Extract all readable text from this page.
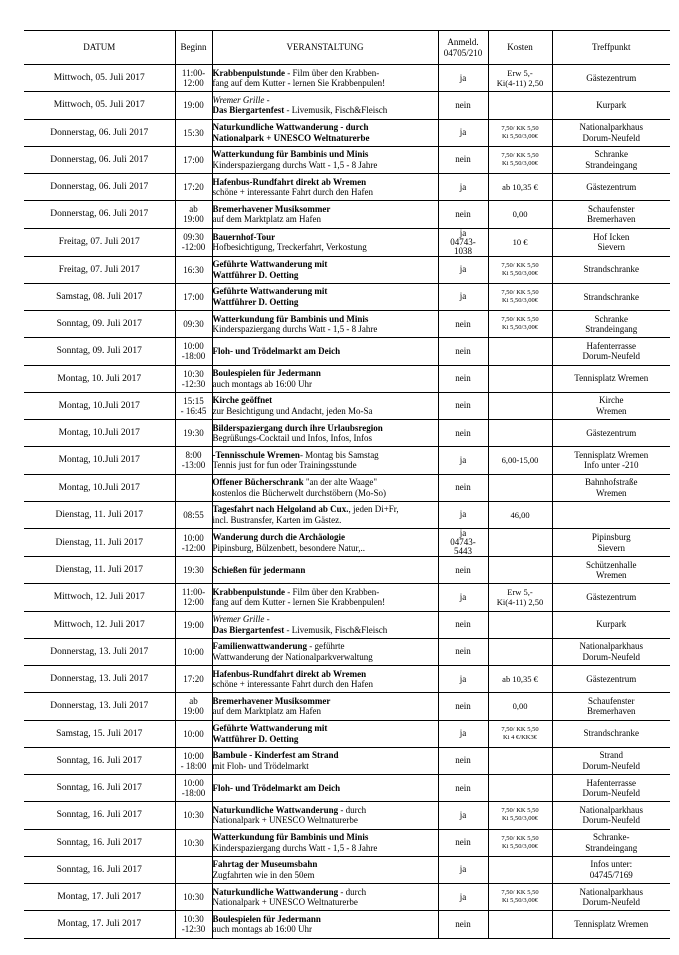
DATUM	Beginn	VERANSTALTUNG	Anmeld.
04705/210	Kosten	Treffpunkt
Mittwoch, 05. Juli 2017	11:00-
12:00	Krabbenpulstunde - Film über den Krabben-
fang auf dem Kutter - lernen Sie Krabbenpulen!	ja	Erw 5,-
Ki(4-11) 2,50	Gästezentrum

Mittwoch, 05. Juli 2017	19:00	Wremer Grille -
Das Biergartenfest - Livemusik, Fisch&Fleisch	nein		Kurpark

Donnerstag, 06. Juli 2017	15:30	Naturkundliche Wattwanderung - durch
Nationalpark + UNESCO Weltnaturerbe	ja	7,50/ KK 5,50
Ki 5,50/3,00€	Nationalparkhaus
Dorum-Neufeld

Donnerstag, 06. Juli 2017	17:00	Watterkundung für Bambinis und Minis
Kinderspaziergang durchs Watt - 1,5 - 8 Jahre	nein	7,50/ KK 5,50
Ki 5,50/3,00€	Schranke
Strandeingang

Donnerstag, 06. Juli 2017	17:20	Hafenbus-Rundfahrt direkt ab Wremen
schöne + interessante Fahrt durch den Hafen	ja	ab 10,35 €	Gästezentrum

Donnerstag, 06. Juli 2017	ab
19:00	Bremerhavener Musiksommer
auf dem Marktplatz am Hafen	nein	0,00	Schaufenster
Bremerhaven

Freitag, 07. Juli 2017	09:30
-12:00	Bauernhof-Tour
Hofbesichtigung, Treckerfahrt, Verkostung	ja
04743-
1038	10 €	Hof Icken
Sievern

Freitag, 07. Juli 2017	16:30	Geführte Wattwanderung mit
Wattführer D. Oetting	ja	7,50/ KK 5,50
Ki 5,50/3,00€	Strandschranke

Samstag, 08. Juli 2017	17:00	Geführte Wattwanderung mit
Wattführer D. Oetting	ja	7,50/ KK 5,50
Ki 5,50/3,00€	Strandschranke

Sonntag, 09. Juli 2017	09:30	Watterkundung für Bambinis und Minis
Kinderspaziergang durchs Watt - 1,5 - 8 Jahre	nein	7,50/ KK 5,50
Ki 5,50/3,00€	Schranke
Strandeingang

Sonntag, 09. Juli 2017	10:00
-18:00	Floh- und Trödelmarkt am Deich	nein		Hafenterrasse
Dorum-Neufeld

Montag, 10. Juli 2017	10:30
-12:30	Boulespielen für Jedermann
auch montags ab 16:00 Uhr	nein		Tennisplatz Wremen

Montag, 10.Juli 2017	15:15
- 16:45	Kirche geöffnet
zur Besichtigung und Andacht, jeden Mo-Sa	nein		Kirche
Wremen

Montag, 10.Juli 2017	19:30	Bilderspaziergang durch ihre Urlaubsregion
Begrüßungs-Cocktail und Infos, Infos, Infos	nein		Gästezentrum

Montag, 10.Juli 2017	8:00
-13:00	-Tennisschule Wremen- Montag bis Samstag
Tennis just for fun oder Trainingsstunde	ja	6,00-15,00	Tennisplatz Wremen
Info unter -210

Montag, 10.Juli 2017		Offener Bücherschrank "an der alte Waage"
kostenlos die Bücherwelt durchstöbern (Mo-So)	nein		Bahnhofstraße
Wremen

Dienstag, 11. Juli 2017	08:55	Tagesfahrt nach Helgoland ab Cux., jeden Di+Fr,
incl. Bustransfer, Karten im Gästez.	ja	46,00	

Dienstag, 11. Juli 2017	10:00
-12:00	Wanderung durch die Archäologie
Pipinsburg, Bülzenbett, besondere Natur,..	ja
04743-
5443		Pipinsburg
Sievern

Dienstag, 11. Juli 2017	19:30	Schießen für jedermann	nein		Schützenhalle
Wremen

Mittwoch, 12. Juli 2017	11:00-
12:00	Krabbenpulstunde - Film über den Krabben-
fang auf dem Kutter - lernen Sie Krabbenpulen!	ja	Erw 5,-
Ki(4-11) 2,50	Gästezentrum

Mittwoch, 12. Juli 2017	19:00	Wremer Grille -
Das Biergartenfest - Livemusik, Fisch&Fleisch	nein		Kurpark

Donnerstag, 13. Juli 2017	10:00	Familienwattwanderung - geführte
Wattwanderung der Nationalparkverwaltung	nein		Nationalparkhaus
Dorum-Neufeld

Donnerstag, 13. Juli 2017	17:20	Hafenbus-Rundfahrt direkt ab Wremen
schöne + interessante Fahrt durch den Hafen	ja	ab 10,35 €	Gästezentrum

Donnerstag, 13. Juli 2017	ab
19:00	Bremerhavener Musiksommer
auf dem Marktplatz am Hafen	nein	0,00	Schaufenster
Bremerhaven

Samstag, 15. Juli 2017	10:00	Geführte Wattwanderung mit
Wattführer D. Oetting	ja	7,50/ KK 5,50
Ki 4 €/KK3€	Strandschranke

Sonntag, 16. Juli 2017	10:00
- 18:00	Bambule - Kinderfest am Strand
mit Floh- und Trödelmarkt	nein		Strand
Dorum-Neufeld

Sonntag, 16. Juli 2017	10:00
-18:00	Floh- und Trödelmarkt am Deich	nein		Hafenterrasse
Dorum-Neufeld

Sonntag, 16. Juli 2017	10:30	Naturkundliche Wattwanderung - durch
Nationalpark + UNESCO Weltnaturerbe	ja	7,50/ KK 5,50
Ki 5,50/3,00€	Nationalparkhaus
Dorum-Neufeld

Sonntag, 16. Juli 2017	10:30	Watterkundung für Bambinis und Minis
Kinderspaziergang durchs Watt - 1,5 - 8 Jahre	nein	7,50/ KK 5,50
Ki 5,50/3,00€	Schranke-
Strandeingang

Sonntag, 16. Juli 2017		Fahrtag der Museumsbahn
Zugfahrten wie in den 50em	ja		Infos unter:
04745/7169

Montag, 17. Juli 2017	10:30	Naturkundliche Wattwanderung - durch
Nationalpark + UNESCO Weltnaturerbe	ja	7,50/ KK 5,50
Ki 5,50/3,00€	Nationalparkhaus
Dorum-Neufeld

Montag, 17. Juli 2017	10:30
-12:30	Boulespielen für Jedermann
auch montags ab 16:00 Uhr	nein		Tennisplatz Wremen
